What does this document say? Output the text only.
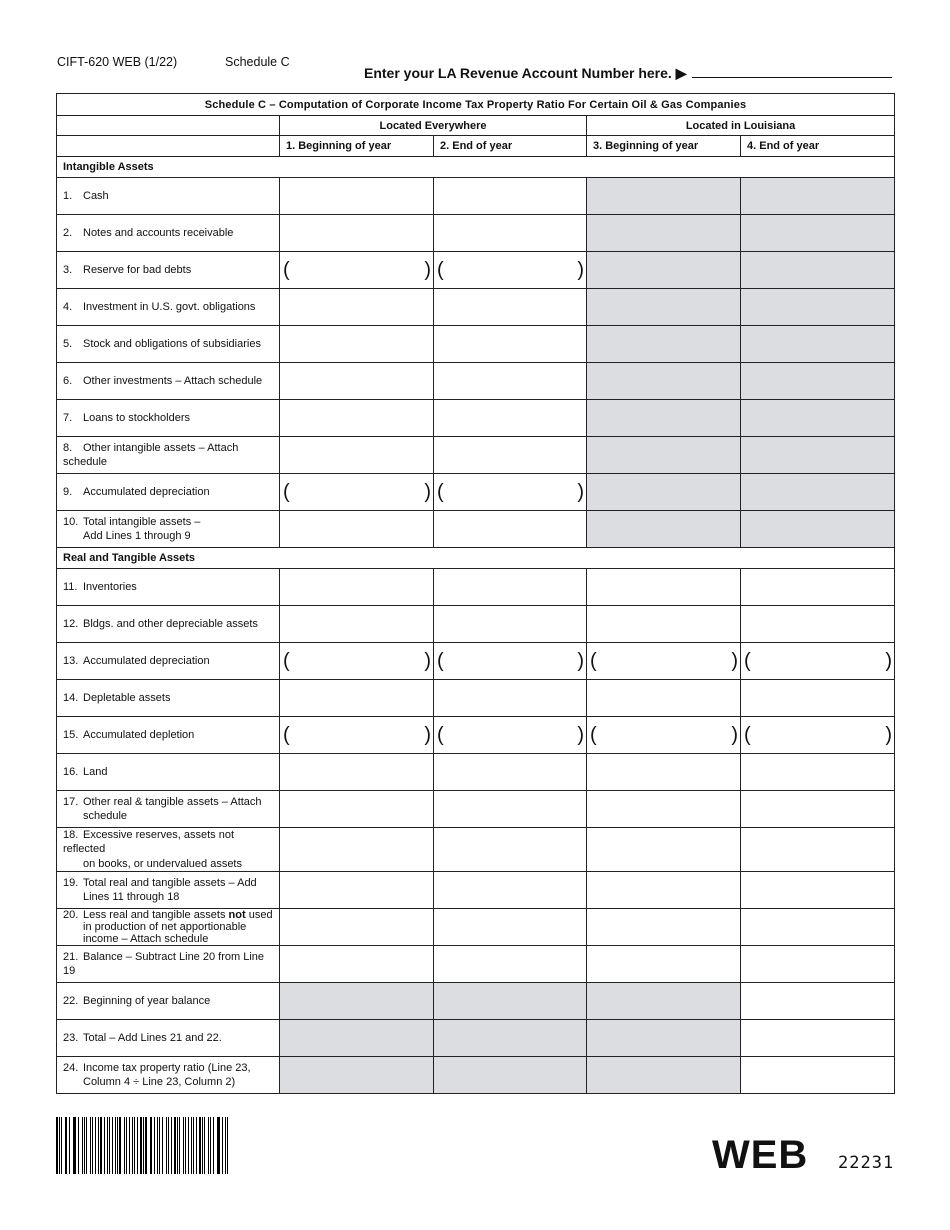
CIFT-620 WEB (1/22)	Schedule C
Enter your LA Revenue Account Number here. ▶
Schedule C – Computation of Corporate Income Tax Property Ratio For Certain Oil & Gas Companies				
	Located Everywhere		Located in Louisiana	
	1. Beginning of year	2. End of year	3. Beginning of year	4. End of year
Intangible Assets				
1. Cash				
2. Notes and accounts receivable				
3. Reserve for bad debts	( )	( )		

4. Investment in U.S. govt. obligations				
5. Stock and obligations of subsidiaries				
6. Other investments – Attach schedule				
7. Loans to stockholders				
8. Other intangible assets – Attach schedule				
9. Accumulated depreciation	( )	( )		

10. Total intangible assets –
Add Lines 1 through 9				

Real and Tangible Assets				
11. Inventories				
12. Bldgs. and other depreciable assets				
13. Accumulated depreciation	( )	( )	( )	( )

14. Depletable assets				
15. Accumulated depletion	( )	( )	( )	( )

16. Land				
17. Other real & tangible assets – Attach
schedule				

18. Excessive reserves, assets not reflected
on books, or undervalued assets				

19. Total real and tangible assets – Add
Lines 11 through 18				

20. Less real and tangible assets not used
in production of net apportionable
income – Attach schedule				

21. Balance – Subtract Line 20 from Line 19				
22. Beginning of year balance				
23. Total – Add Lines 21 and 22.				
24. Income tax property ratio (Line 23,
Column 4 ÷ Line 23, Column 2)				

WEB 22231
